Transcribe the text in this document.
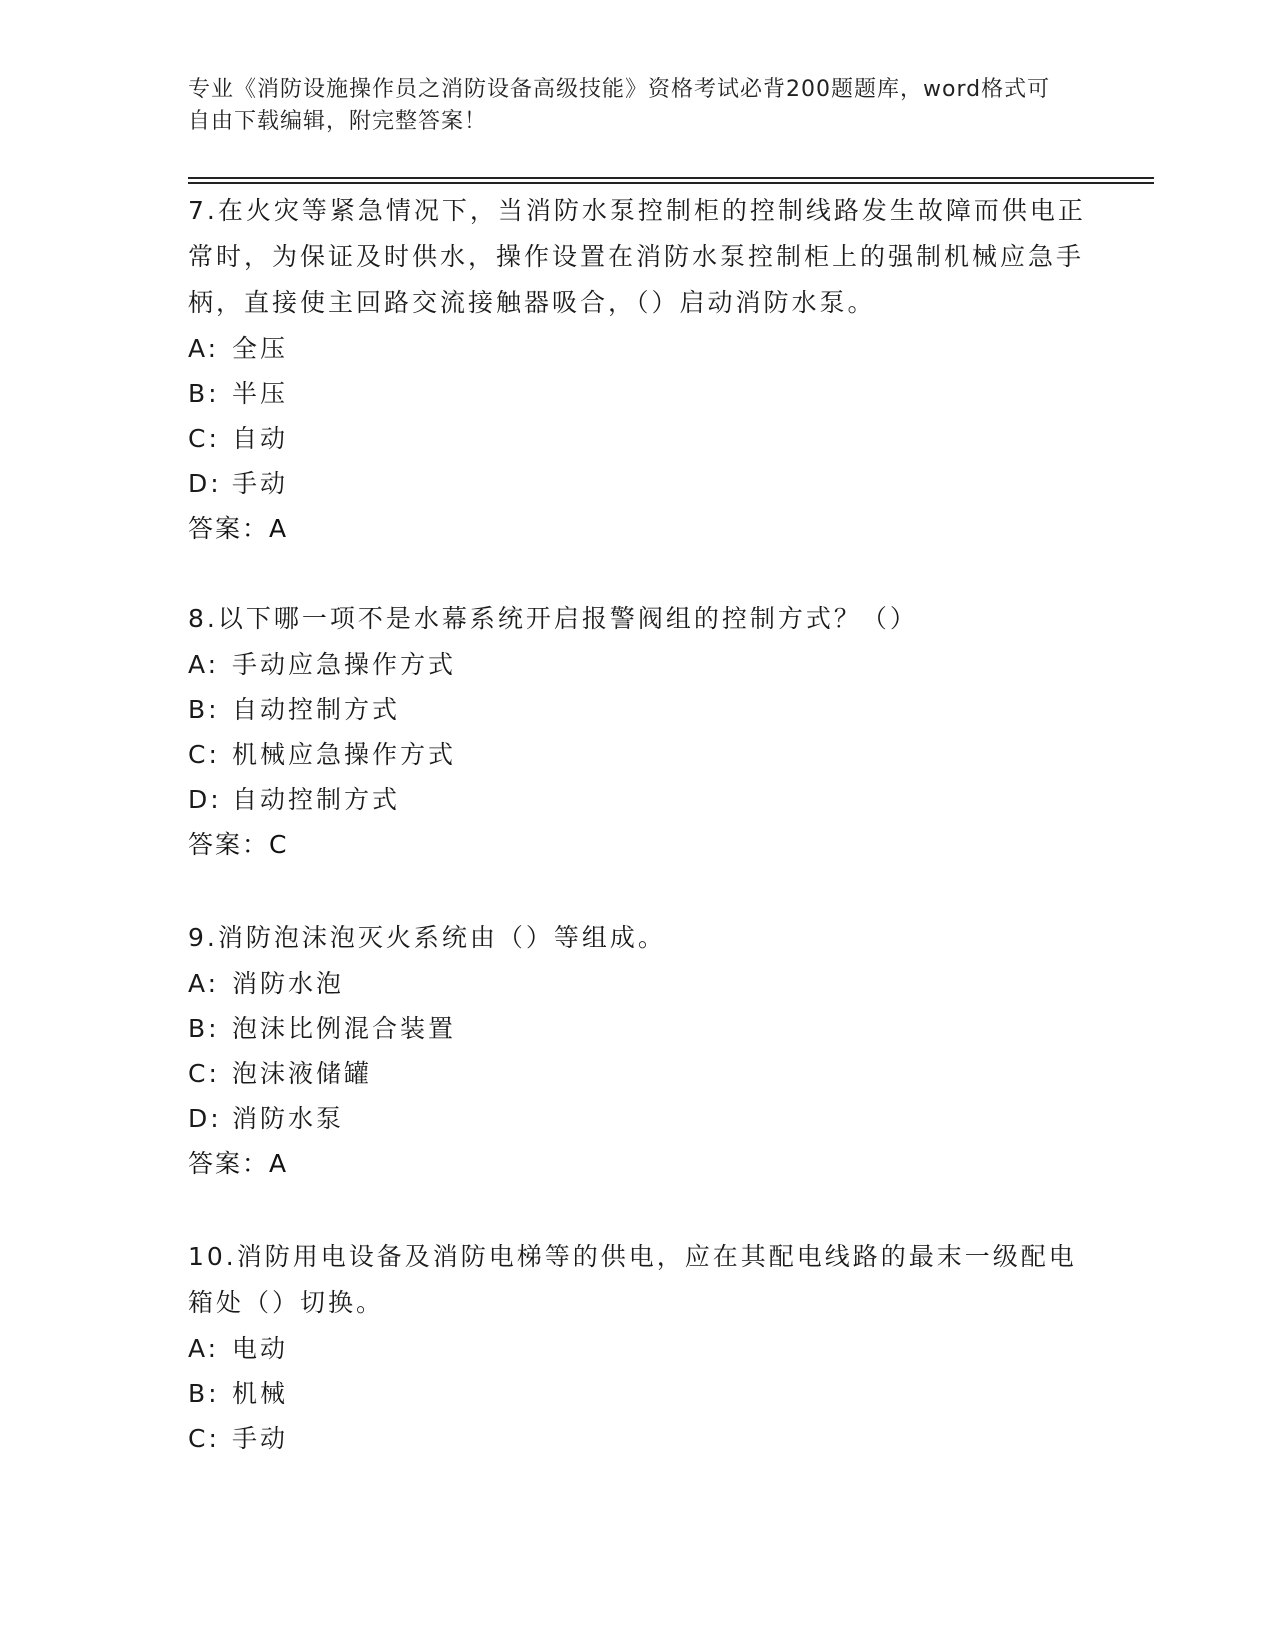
专业《消防设施操作员之消防设备高级技能》资格考试必背200题题库，word格式可自由下载编辑，附完整答案！
7.在火灾等紧急情况下，当消防水泵控制柜的控制线路发生故障而供电正常时，为保证及时供水，操作设置在消防水泵控制柜上的强制机械应急手柄，直接使主回路交流接触器吸合，（）启动消防水泵。
A: 全压
B: 半压
C: 自动
D: 手动
答案：A
8.以下哪一项不是水幕系统开启报警阀组的控制方式？（）
A: 手动应急操作方式
B: 自动控制方式
C: 机械应急操作方式
D: 自动控制方式
答案：C
9.消防泡沫泡灭火系统由（）等组成。
A: 消防水泡
B: 泡沫比例混合装置
C: 泡沫液储罐
D: 消防水泵
答案：A
10.消防用电设备及消防电梯等的供电，应在其配电线路的最末一级配电箱处（）切换。
A: 电动
B: 机械
C: 手动
